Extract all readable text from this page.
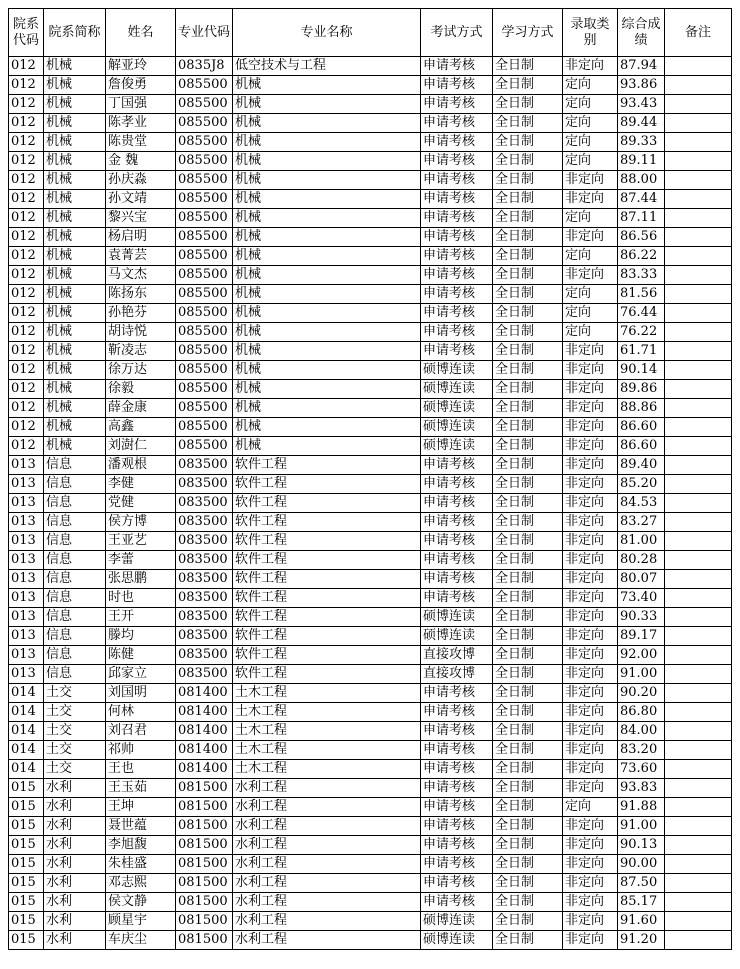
院系代码	院系简称	姓名	专业代码	专业名称	考试方式	学习方式	录取类别	综合成绩	备注
012	机械	解亚玲	0835J8	低空技术与工程	申请考核	全日制	非定向	87.94	
012	机械	詹俊勇	085500	机械	申请考核	全日制	定向	93.86	
012	机械	丁国强	085500	机械	申请考核	全日制	定向	93.43	
012	机械	陈孝业	085500	机械	申请考核	全日制	定向	89.44	
012	机械	陈贵堂	085500	机械	申请考核	全日制	定向	89.33	
012	机械	金 魏	085500	机械	申请考核	全日制	定向	89.11	
012	机械	孙庆淼	085500	机械	申请考核	全日制	非定向	88.00	
012	机械	孙文靖	085500	机械	申请考核	全日制	非定向	87.44	
012	机械	黎兴宝	085500	机械	申请考核	全日制	定向	87.11	
012	机械	杨启明	085500	机械	申请考核	全日制	非定向	86.56	
012	机械	袁菁芸	085500	机械	申请考核	全日制	定向	86.22	
012	机械	马文杰	085500	机械	申请考核	全日制	非定向	83.33	
012	机械	陈扬东	085500	机械	申请考核	全日制	定向	81.56	
012	机械	孙艳芬	085500	机械	申请考核	全日制	定向	76.44	
012	机械	胡诗悦	085500	机械	申请考核	全日制	定向	76.22	
012	机械	靳凌志	085500	机械	申请考核	全日制	非定向	61.71	
012	机械	徐万达	085500	机械	硕博连读	全日制	非定向	90.14	
012	机械	徐毅	085500	机械	硕博连读	全日制	非定向	89.86	
012	机械	薛金康	085500	机械	硕博连读	全日制	非定向	88.86	
012	机械	高鑫	085500	机械	硕博连读	全日制	非定向	86.60	
012	机械	刘澍仁	085500	机械	硕博连读	全日制	非定向	86.60	
013	信息	潘观根	083500	软件工程	申请考核	全日制	非定向	89.40	
013	信息	李健	083500	软件工程	申请考核	全日制	非定向	85.20	
013	信息	党健	083500	软件工程	申请考核	全日制	非定向	84.53	
013	信息	侯方博	083500	软件工程	申请考核	全日制	非定向	83.27	
013	信息	王亚艺	083500	软件工程	申请考核	全日制	非定向	81.00	
013	信息	李蕾	083500	软件工程	申请考核	全日制	非定向	80.28	
013	信息	张思鹏	083500	软件工程	申请考核	全日制	非定向	80.07	
013	信息	时也	083500	软件工程	申请考核	全日制	非定向	73.40	
013	信息	王开	083500	软件工程	硕博连读	全日制	非定向	90.33	
013	信息	滕均	083500	软件工程	硕博连读	全日制	非定向	89.17	
013	信息	陈健	083500	软件工程	直接攻博	全日制	非定向	92.00	
013	信息	邱家立	083500	软件工程	直接攻博	全日制	非定向	91.00	
014	土交	刘国明	081400	土木工程	申请考核	全日制	非定向	90.20	
014	土交	何林	081400	土木工程	申请考核	全日制	非定向	86.80	
014	土交	刘召君	081400	土木工程	申请考核	全日制	非定向	84.00	
014	土交	祁帅	081400	土木工程	申请考核	全日制	非定向	83.20	
014	土交	王也	081400	土木工程	申请考核	全日制	非定向	73.60	
015	水利	王玉茹	081500	水利工程	申请考核	全日制	非定向	93.83	
015	水利	王坤	081500	水利工程	申请考核	全日制	定向	91.88	
015	水利	聂世蕴	081500	水利工程	申请考核	全日制	非定向	91.00	
015	水利	李旭馥	081500	水利工程	申请考核	全日制	非定向	90.13	
015	水利	朱桂盛	081500	水利工程	申请考核	全日制	非定向	90.00	
015	水利	邓志熙	081500	水利工程	申请考核	全日制	非定向	87.50	
015	水利	侯文静	081500	水利工程	申请考核	全日制	非定向	85.17	
015	水利	顾星宇	081500	水利工程	硕博连读	全日制	非定向	91.60	
015	水利	车庆尘	081500	水利工程	硕博连读	全日制	非定向	91.20	
